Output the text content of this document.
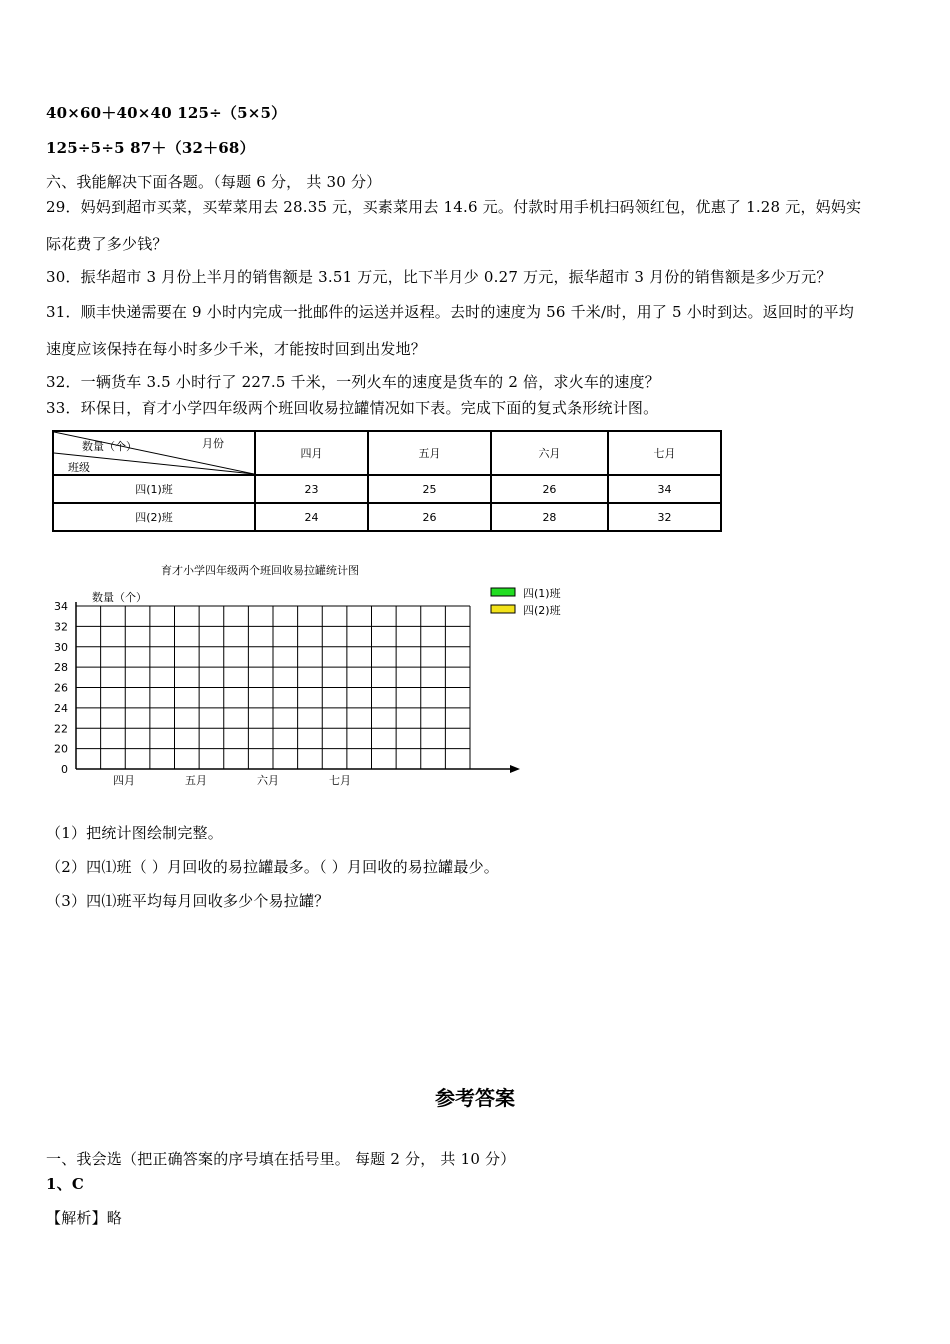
40×60＋40×40 125÷（5×5）
125÷5÷5 87＋（32＋68）
六、我能解决下面各题。（每题 6 分， 共 30 分）
29．妈妈到超市买菜，买荤菜用去 28.35 元，买素菜用去 14.6 元。付款时用手机扫码领红包，优惠了 1.28 元，妈妈实
际花费了多少钱？
30．振华超市 3 月份上半月的销售额是 3.51 万元，比下半月少 0.27 万元，振华超市 3 月份的销售额是多少万元？
31．顺丰快递需要在 9 小时内完成一批邮件的运送并返程。去时的速度为 56 千米/时，用了 5 小时到达。返回时的平均
速度应该保持在每小时多少千米，才能按时回到出发地？
32．一辆货车 3.5 小时行了 227.5 千米，一列火车的速度是货车的 2 倍，求火车的速度？
33．环保日，育才小学四年级两个班回收易拉罐情况如下表。完成下面的复式条形统计图。
数量（个） 月份
班级	四月	五月	六月	七月
四(1)班	23	25	26	34
四(2)班	24	26	28	32
育才小学四年级两个班回收易拉罐统计图
数量（个）
0
20
22
24
26
28
30
32
34
四月	五月	六月	七月
四(1)班
四(2)班
（1）把统计图绘制完整。
（2）四⑴班（ ）月回收的易拉罐最多。（ ）月回收的易拉罐最少。
（3）四⑴班平均每月回收多少个易拉罐？
参考答案
一、我会选（把正确答案的序号填在括号里。 每题 2 分， 共 10 分）
1、C
【解析】略
